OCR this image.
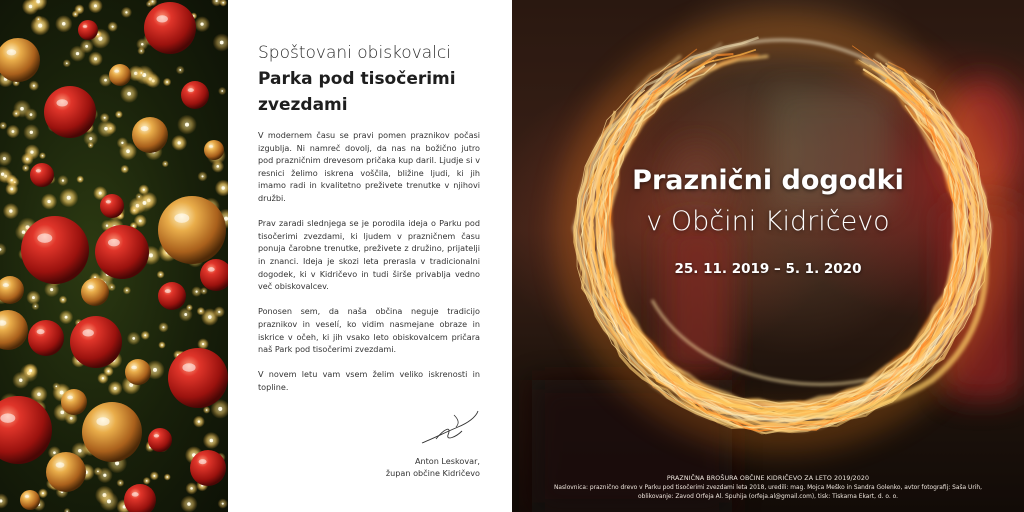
Spoštovani obiskovalci
Parka pod tisočerimi zvezdami

V modernem času se pravi pomen praznikov počasi izgublja. Ni namreč dovolj, da nas na božično jutro pod prazničnim drevesom pričaka kup daril. Ljudje si v resnici želimo iskrena voščila, bližine ljudi, ki jih imamo radi in kvalitetno preživete trenutke v njihovi družbi.

Prav zaradi slednjega se je porodila ideja o Parku pod tisočerimi zvezdami, ki ljudem v prazničnem času ponuja čarobne trenutke, preživete z družino, prijatelji in znanci. Ideja je skozi leta prerasla v tradicionalni dogodek, ki v Kidričevo in tudi širše privablja vedno več obiskovalcev.

Ponosen sem, da naša občina neguje tradicijo praznikov in veselí, ko vidim nasmejane obraze in iskrice v očeh, ki jih vsako leto obiskovalcem pričara naš Park pod tisočerimi zvezdami.

V novem letu vam vsem želim veliko iskrenosti in topline.

Anton Leskovar,
župan občine Kidričevo
Praznični dogodki
v Občini Kidričevo
25. 11. 2019 – 5. 1. 2020
PRAZNIČNA BROŠURA OBČINE KIDRIČEVO ZA LETO 2019/2020
Naslovnica: praznično drevo v Parku pod tisočerimi zvezdami leta 2018, uredili: mag. Mojca Meško in Sandra Golenko, avtor fotografij: Saša Urih,
oblikovanje: Zavod Orfeja Al. Spuhija (orfeja.al@gmail.com), tisk: Tiskarna Ekart, d. o. o.
